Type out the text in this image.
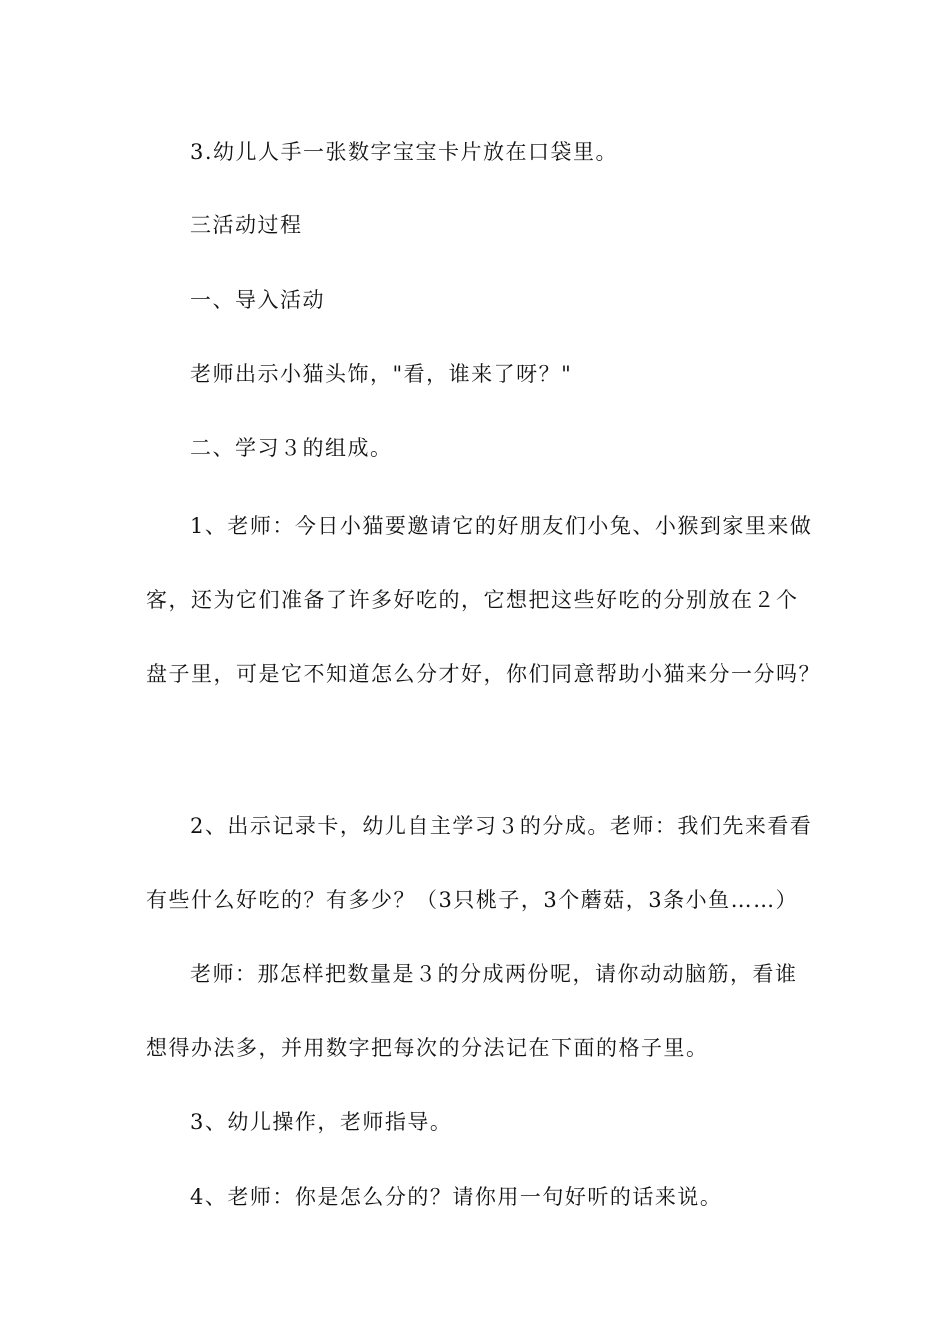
3.幼儿人手一张数字宝宝卡片放在口袋里。
三活动过程
一、导入活动
老师出示小猫头饰，"看，谁来了呀？"
二、学习３的组成。
1、老师：今日小猫要邀请它的好朋友们小兔、小猴到家里来做
客，还为它们准备了许多好吃的，它想把这些好吃的分别放在２个
盘子里，可是它不知道怎么分才好，你们同意帮助小猫来分一分吗？
2、出示记录卡，幼儿自主学习３的分成。老师：我们先来看看
有些什么好吃的？有多少？（3只桃子，3个蘑菇，3条小鱼……）
老师：那怎样把数量是３的分成两份呢，请你动动脑筋，看谁
想得办法多，并用数字把每次的分法记在下面的格子里。
3、幼儿操作，老师指导。
4、老师：你是怎么分的？请你用一句好听的话来说。
